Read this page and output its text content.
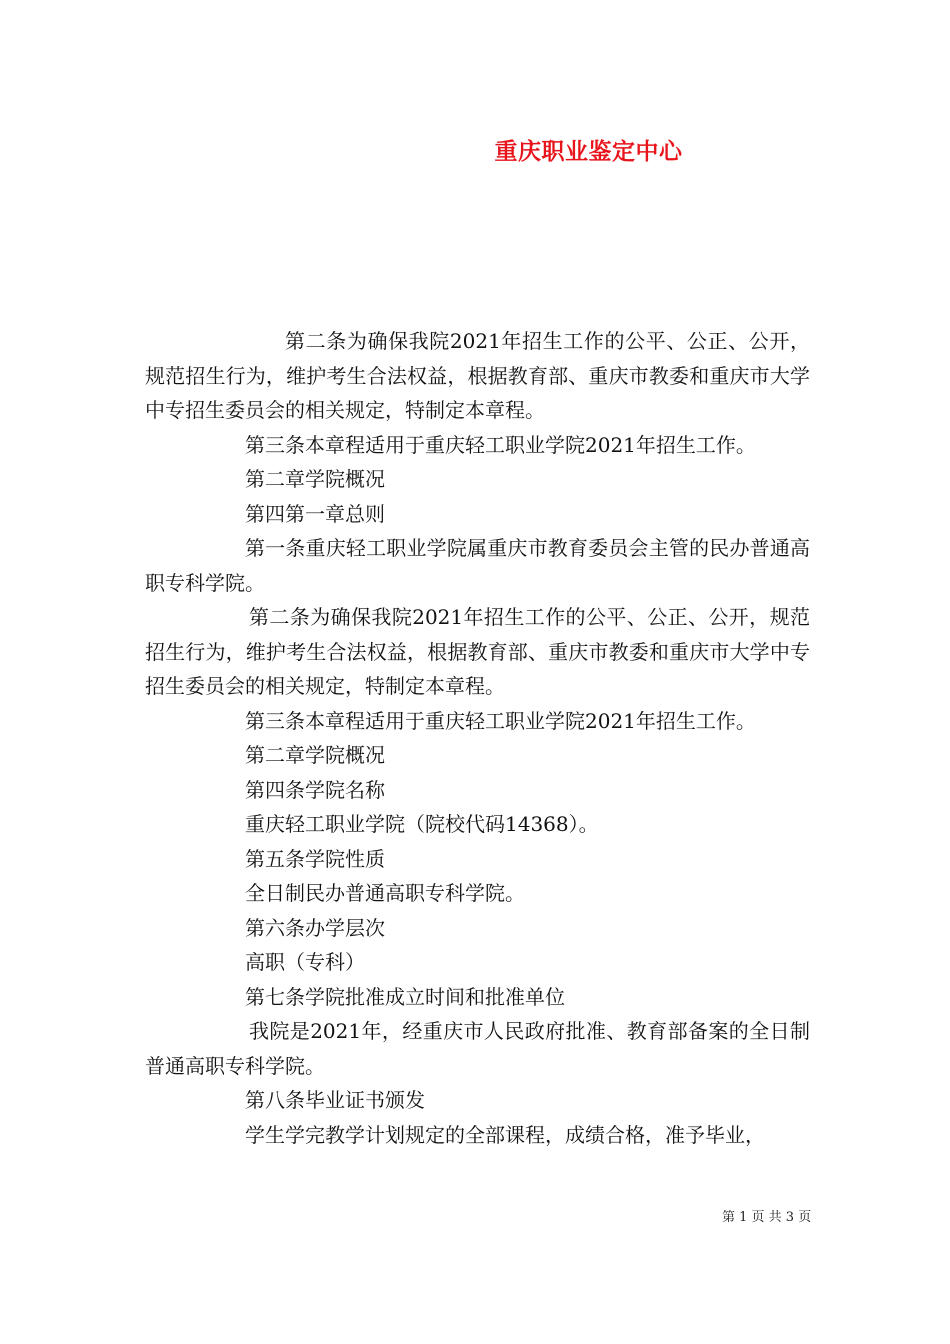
重庆职业鉴定中心

第二条为确保我院2021年招生工作的公平、公正、公开，规范招生行为，维护考生合法权益，根据教育部、重庆市教委和重庆市大学中专招生委员会的相关规定，特制定本章程。

第三条本章程适用于重庆轻工职业学院2021年招生工作。

第二章学院概况

第四第一章总则

第一条重庆轻工职业学院属重庆市教育委员会主管的民办普通高职专科学院。

第二条为确保我院2021年招生工作的公平、公正、公开，规范招生行为，维护考生合法权益，根据教育部、重庆市教委和重庆市大学中专招生委员会的相关规定，特制定本章程。

第三条本章程适用于重庆轻工职业学院2021年招生工作。

第二章学院概况

第四条学院名称

重庆轻工职业学院（院校代码14368）。

第五条学院性质

全日制民办普通高职专科学院。

第六条办学层次

高职（专科）

第七条学院批准成立时间和批准单位

我院是2021年，经重庆市人民政府批准、教育部备案的全日制普通高职专科学院。

第八条毕业证书颁发

学生学完教学计划规定的全部课程，成绩合格，准予毕业，

第 1 页 共 3 页
